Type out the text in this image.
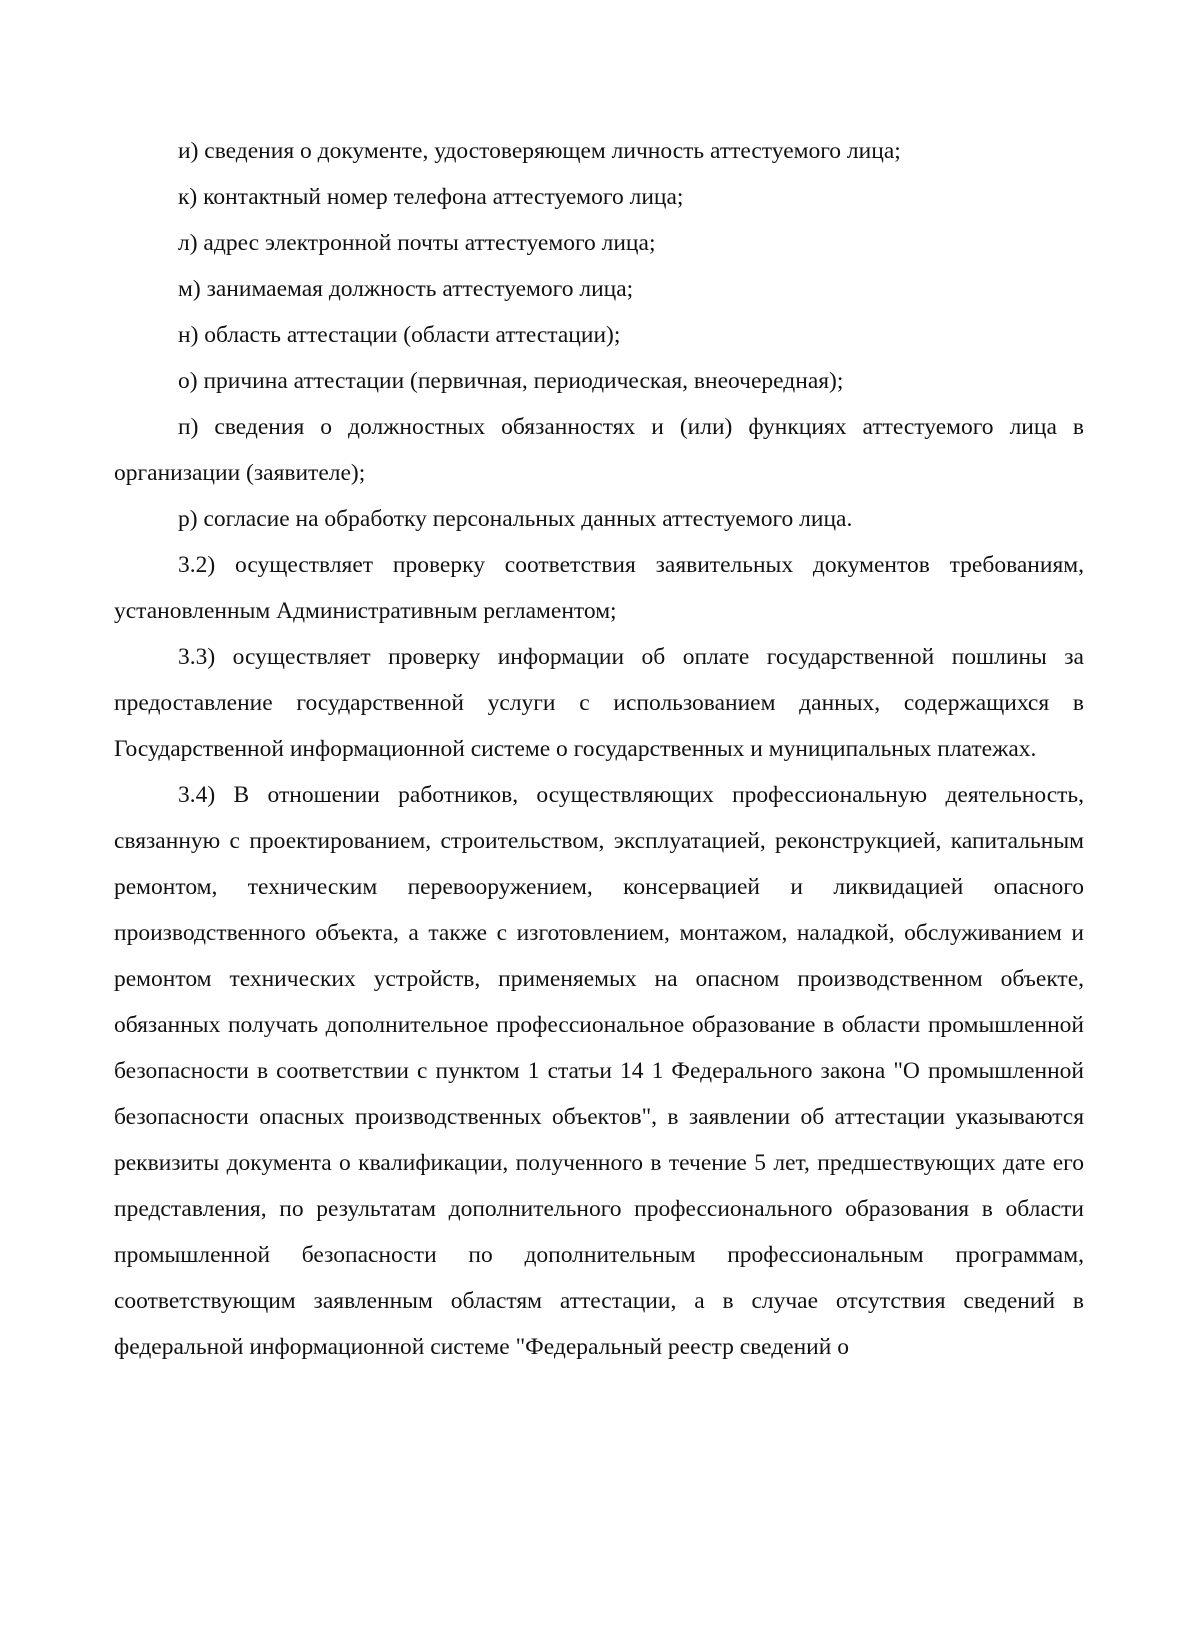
и) сведения о документе, удостоверяющем личность аттестуемого лица;

к) контактный номер телефона аттестуемого лица;

л) адрес электронной почты аттестуемого лица;

м) занимаемая должность аттестуемого лица;

н) область аттестации (области аттестации);

о) причина аттестации (первичная, периодическая, внеочередная);

п) сведения о должностных обязанностях и (или) функциях аттестуемого лица в организации (заявителе);

р) согласие на обработку персональных данных аттестуемого лица.

3.2) осуществляет проверку соответствия заявительных документов требованиям, установленным Административным регламентом;

3.3) осуществляет проверку информации об оплате государственной пошлины за предоставление государственной услуги с использованием данных, содержащихся в Государственной информационной системе о государственных и муниципальных платежах.

3.4) В отношении работников, осуществляющих профессиональную деятельность, связанную с проектированием, строительством, эксплуатацией, реконструкцией, капитальным ремонтом, техническим перевооружением, консервацией и ликвидацией опасного производственного объекта, а также с изготовлением, монтажом, наладкой, обслуживанием и ремонтом технических устройств, применяемых на опасном производственном объекте, обязанных получать дополнительное профессиональное образование в области промышленной безопасности в соответствии с пунктом 1 статьи 14 1 Федерального закона "О промышленной безопасности опасных производственных объектов", в заявлении об аттестации указываются реквизиты документа о квалификации, полученного в течение 5 лет, предшествующих дате его представления, по результатам дополнительного профессионального образования в области промышленной безопасности по дополнительным профессиональным программам, соответствующим заявленным областям аттестации, а в случае отсутствия сведений в федеральной информационной системе "Федеральный реестр сведений о
